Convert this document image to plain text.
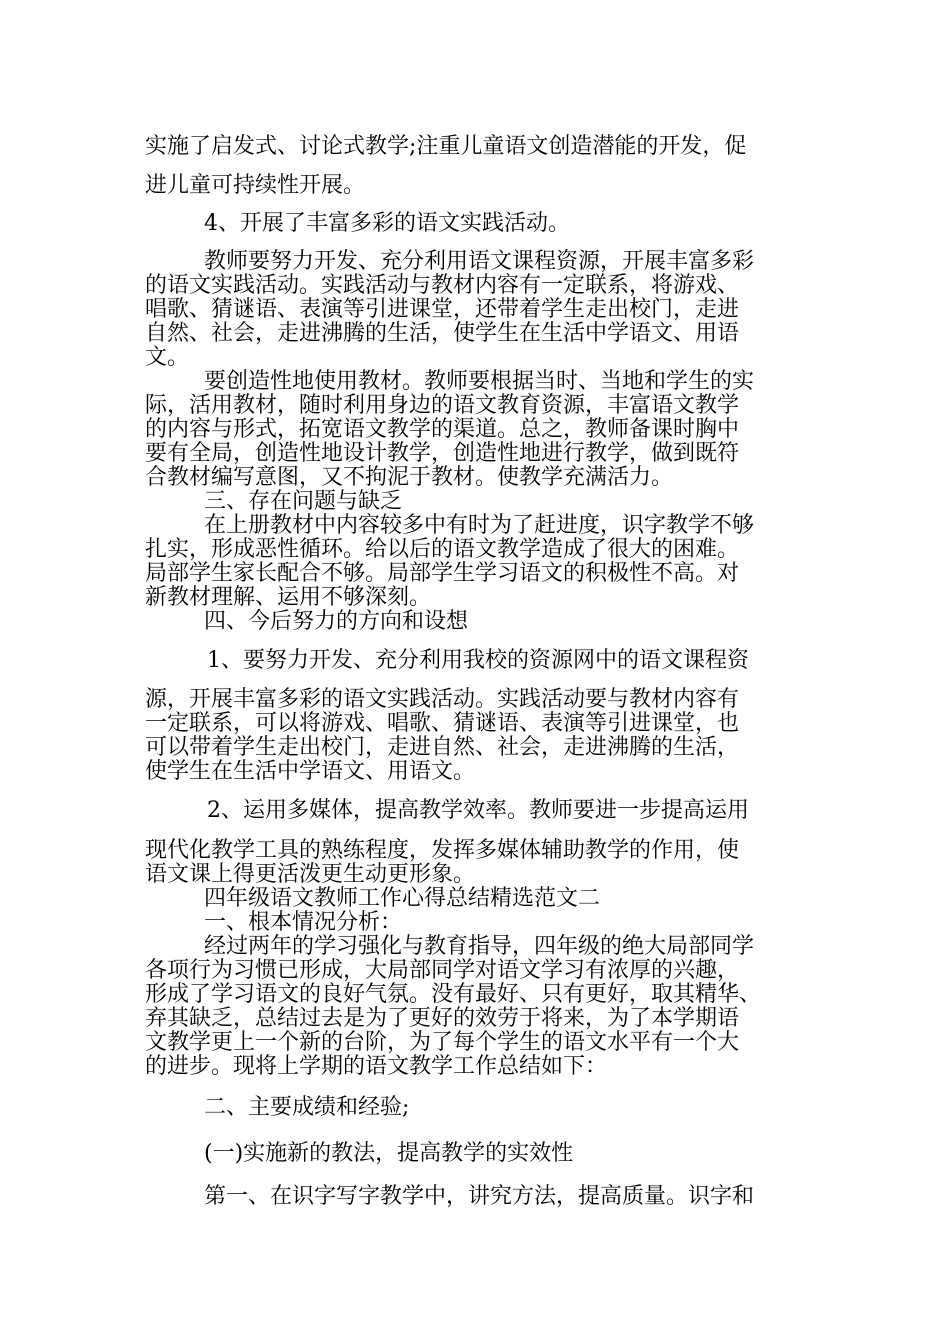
实施了启发式、讨论式教学;注重儿童语文创造潜能的开发，促
进儿童可持续性开展。
4、开展了丰富多彩的语文实践活动。
教师要努力开发、充分利用语文课程资源，开展丰富多彩
的语文实践活动。实践活动与教材内容有一定联系，将游戏、
唱歌、猜谜语、表演等引进课堂，还带着学生走出校门，走进
自然、社会，走进沸腾的生活，使学生在生活中学语文、用语
文。
要创造性地使用教材。教师要根据当时、当地和学生的实
际，活用教材，随时利用身边的语文教育资源，丰富语文教学
的内容与形式，拓宽语文教学的渠道。总之，教师备课时胸中
要有全局，创造性地设计教学，创造性地进行教学，做到既符
合教材编写意图，又不拘泥于教材。使教学充满活力。
三、存在问题与缺乏
在上册教材中内容较多中有时为了赶进度，识字教学不够
扎实，形成恶性循环。给以后的语文教学造成了很大的困难。
局部学生家长配合不够。局部学生学习语文的积极性不高。对
新教材理解、运用不够深刻。
四、今后努力的方向和设想
1、要努力开发、充分利用我校的资源网中的语文课程资
源，开展丰富多彩的语文实践活动。实践活动要与教材内容有
一定联系，可以将游戏、唱歌、猜谜语、表演等引进课堂，也
可以带着学生走出校门，走进自然、社会，走进沸腾的生活，
使学生在生活中学语文、用语文。
2、运用多媒体，提高教学效率。教师要进一步提高运用
现代化教学工具的熟练程度，发挥多媒体辅助教学的作用，使
语文课上得更活泼更生动更形象。
四年级语文教师工作心得总结精选范文二
一、根本情况分析：
经过两年的学习强化与教育指导，四年级的绝大局部同学
各项行为习惯已形成，大局部同学对语文学习有浓厚的兴趣，
形成了学习语文的良好气氛。没有最好、只有更好，取其精华、
弃其缺乏，总结过去是为了更好的效劳于将来，为了本学期语
文教学更上一个新的台阶，为了每个学生的语文水平有一个大
的进步。现将上学期的语文教学工作总结如下：
二、主要成绩和经验;
(一)实施新的教法，提高教学的实效性
第一、在识字写字教学中，讲究方法，提高质量。识字和
